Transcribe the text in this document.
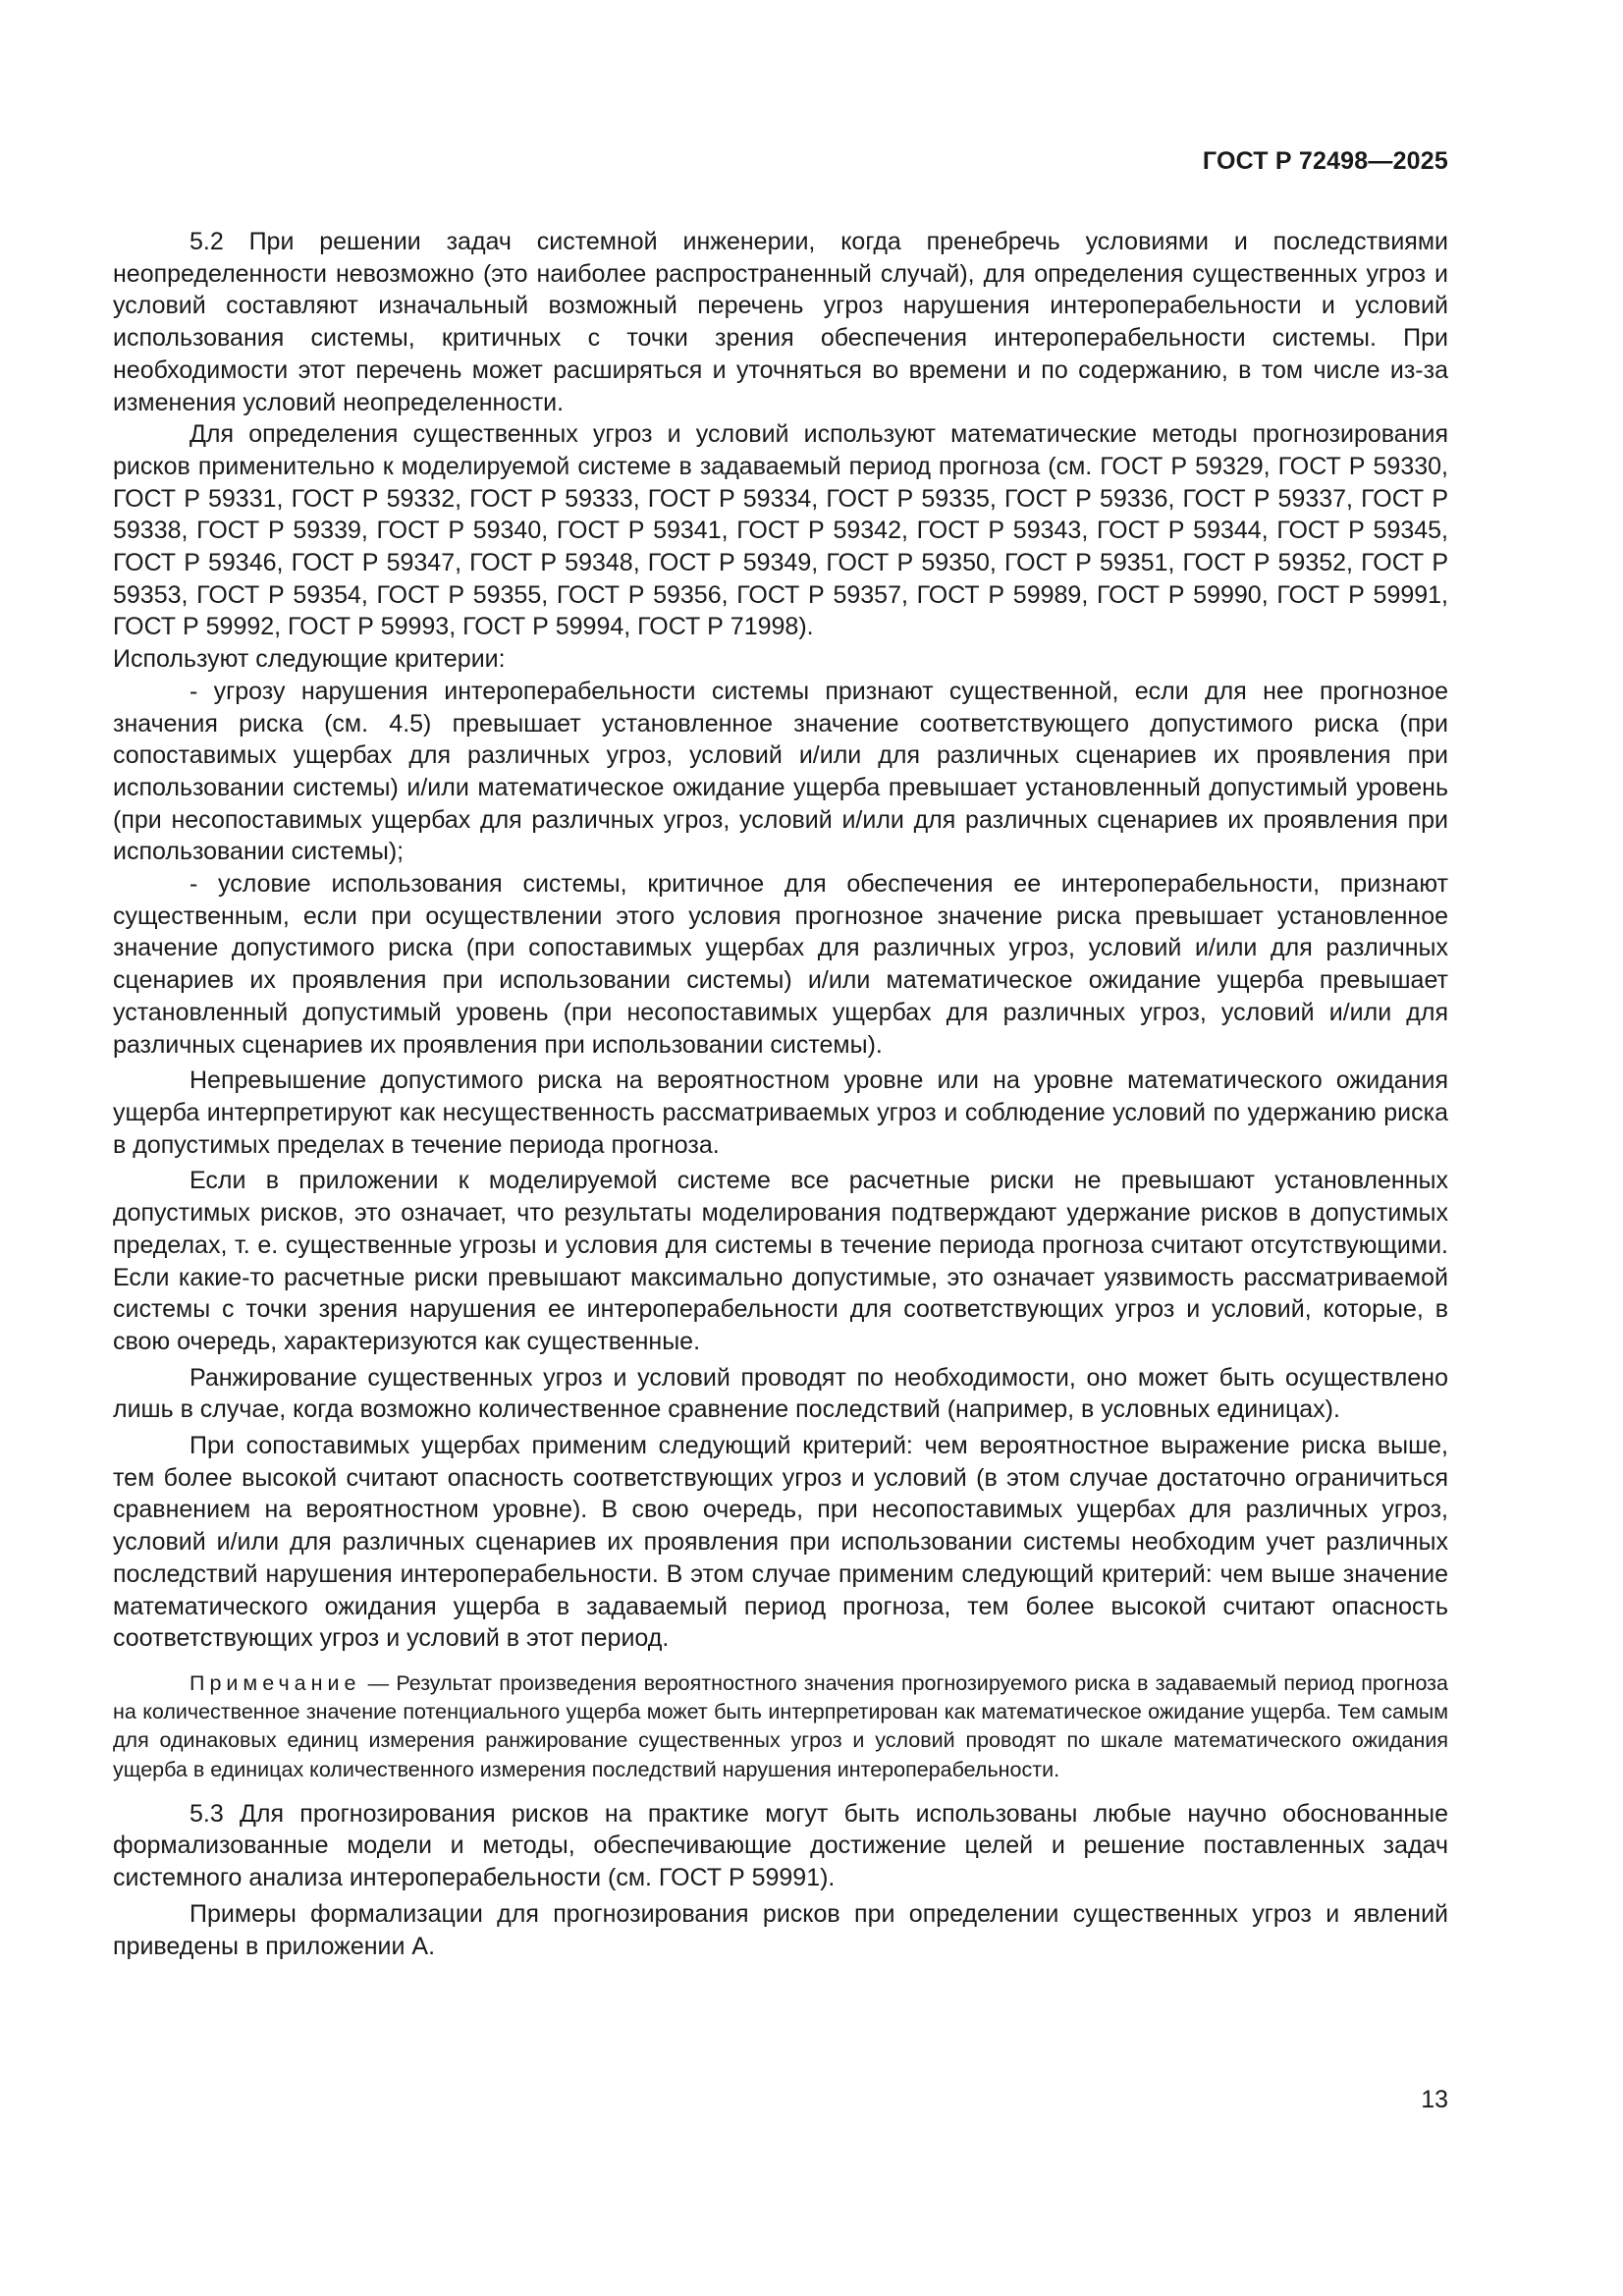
ГОСТ Р 72498—2025

5.2 При решении задач системной инженерии, когда пренебречь условиями и последствиями неопределенности невозможно (это наиболее распространенный случай), для определения существенных угроз и условий составляют изначальный возможный перечень угроз нарушения интероперабельности и условий использования системы, критичных с точки зрения обеспечения интероперабельности системы. При необходимости этот перечень может расширяться и уточняться во времени и по содержанию, в том числе из-за изменения условий неопределенности.

Для определения существенных угроз и условий используют математические методы прогнозирования рисков применительно к моделируемой системе в задаваемый период прогноза (см. ГОСТ Р 59329, ГОСТ Р 59330, ГОСТ Р 59331, ГОСТ Р 59332, ГОСТ Р 59333, ГОСТ Р 59334, ГОСТ Р 59335, ГОСТ Р 59336, ГОСТ Р 59337, ГОСТ Р 59338, ГОСТ Р 59339, ГОСТ Р 59340, ГОСТ Р 59341, ГОСТ Р 59342, ГОСТ Р 59343, ГОСТ Р 59344, ГОСТ Р 59345, ГОСТ Р 59346, ГОСТ Р 59347, ГОСТ Р 59348, ГОСТ Р 59349, ГОСТ Р 59350, ГОСТ Р 59351, ГОСТ Р 59352, ГОСТ Р 59353, ГОСТ Р 59354, ГОСТ Р 59355, ГОСТ Р 59356, ГОСТ Р 59357, ГОСТ Р 59989, ГОСТ Р 59990, ГОСТ Р 59991, ГОСТ Р 59992, ГОСТ Р 59993, ГОСТ Р 59994, ГОСТ Р 71998).

Используют следующие критерии:

- угрозу нарушения интероперабельности системы признают существенной, если для нее прогнозное значения риска (см. 4.5) превышает установленное значение соответствующего допустимого риска (при сопоставимых ущербах для различных угроз, условий и/или для различных сценариев их проявления при использовании системы) и/или математическое ожидание ущерба превышает установленный допустимый уровень (при несопоставимых ущербах для различных угроз, условий и/или для различных сценариев их проявления при использовании системы);

- условие использования системы, критичное для обеспечения ее интероперабельности, признают существенным, если при осуществлении этого условия прогнозное значение риска превышает установленное значение допустимого риска (при сопоставимых ущербах для различных угроз, условий и/или для различных сценариев их проявления при использовании системы) и/или математическое ожидание ущерба превышает установленный допустимый уровень (при несопоставимых ущербах для различных угроз, условий и/или для различных сценариев их проявления при использовании системы).

Непревышение допустимого риска на вероятностном уровне или на уровне математического ожидания ущерба интерпретируют как несущественность рассматриваемых угроз и соблюдение условий по удержанию риска в допустимых пределах в течение периода прогноза.

Если в приложении к моделируемой системе все расчетные риски не превышают установленных допустимых рисков, это означает, что результаты моделирования подтверждают удержание рисков в допустимых пределах, т. е. существенные угрозы и условия для системы в течение периода прогноза считают отсутствующими. Если какие-то расчетные риски превышают максимально допустимые, это означает уязвимость рассматриваемой системы с точки зрения нарушения ее интероперабельности для соответствующих угроз и условий, которые, в свою очередь, характеризуются как существенные.

Ранжирование существенных угроз и условий проводят по необходимости, оно может быть осуществлено лишь в случае, когда возможно количественное сравнение последствий (например, в условных единицах).

При сопоставимых ущербах применим следующий критерий: чем вероятностное выражение риска выше, тем более высокой считают опасность соответствующих угроз и условий (в этом случае достаточно ограничиться сравнением на вероятностном уровне). В свою очередь, при несопоставимых ущербах для различных угроз, условий и/или для различных сценариев их проявления при использовании системы необходим учет различных последствий нарушения интероперабельности. В этом случае применим следующий критерий: чем выше значение математического ожидания ущерба в задаваемый период прогноза, тем более высокой считают опасность соответствующих угроз и условий в этот период.

Примечание — Результат произведения вероятностного значения прогнозируемого риска в задаваемый период прогноза на количественное значение потенциального ущерба может быть интерпретирован как математическое ожидание ущерба. Тем самым для одинаковых единиц измерения ранжирование существенных угроз и условий проводят по шкале математического ожидания ущерба в единицах количественного измерения последствий нарушения интероперабельности.

5.3 Для прогнозирования рисков на практике могут быть использованы любые научно обоснованные формализованные модели и методы, обеспечивающие достижение целей и решение поставленных задач системного анализа интероперабельности (см. ГОСТ Р 59991).

Примеры формализации для прогнозирования рисков при определении существенных угроз и явлений приведены в приложении А.

13
